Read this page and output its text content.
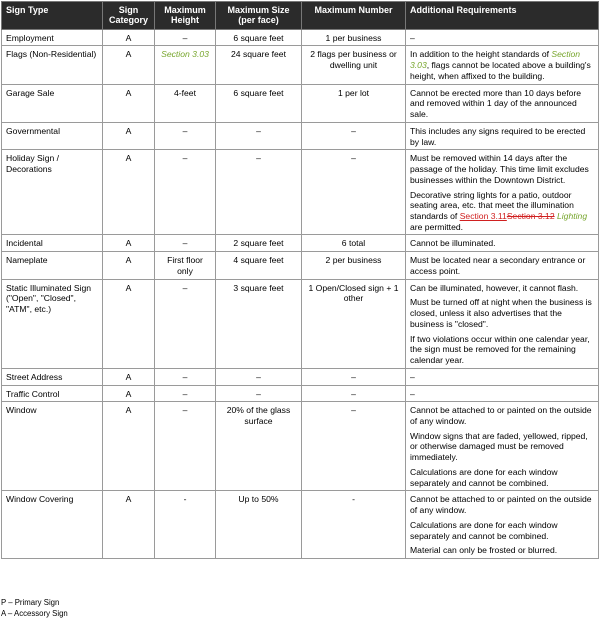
Sign Type	Sign Category	Maximum Height	Maximum Size (per face)	Maximum Number	Additional Requirements
Employment	A	–	6 square feet	1 per business	–
Flags (Non-Residential)	A	Section 3.03	24 square feet	2 flags per business or dwelling unit	In addition to the height standards of Section 3.03, flags cannot be located above a building's height, when affixed to the building.
Garage Sale	A	4-feet	6 square feet	1 per lot	Cannot be erected more than 10 days before and removed within 1 day of the announced sale.
Governmental	A	–	–	–	This includes any signs required to be erected by law.
Holiday Sign / Decorations	A	–	–	–	Must be removed within 14 days after the passage of the holiday. This time limit excludes businesses within the Downtown District.
Decorative string lights for a patio, outdoor seating area, etc. that meet the illumination standards of Section 3.11Section 3.12 Lighting are permitted.

Incidental	A	–	2 square feet	6 total	Cannot be illuminated.
Nameplate	A	First floor only	4 square feet	2 per business	Must be located near a secondary entrance or access point.
Static Illuminated Sign ("Open", "Closed", "ATM", etc.)	A	–	3 square feet	1 Open/Closed sign + 1 other	Can be illuminated, however, it cannot flash.
Must be turned off at night when the business is closed, unless it also advertises that the business is "closed".
If two violations occur within one calendar year, the sign must be removed for the remaining calendar year.

Street Address	A	–	–	–	–
Traffic Control	A	–	–	–	–
Window	A	–	20% of the glass surface	–	Cannot be attached to or painted on the outside of any window.
Window signs that are faded, yellowed, ripped, or otherwise damaged must be removed immediately.
Calculations are done for each window separately and cannot be combined.

Window Covering	A	-	Up to 50%	-	Cannot be attached to or painted on the outside of any window.
Calculations are done for each window separately and cannot be combined.
Material can only be frosted or blurred.
P – Primary Sign
A – Accessory Sign
